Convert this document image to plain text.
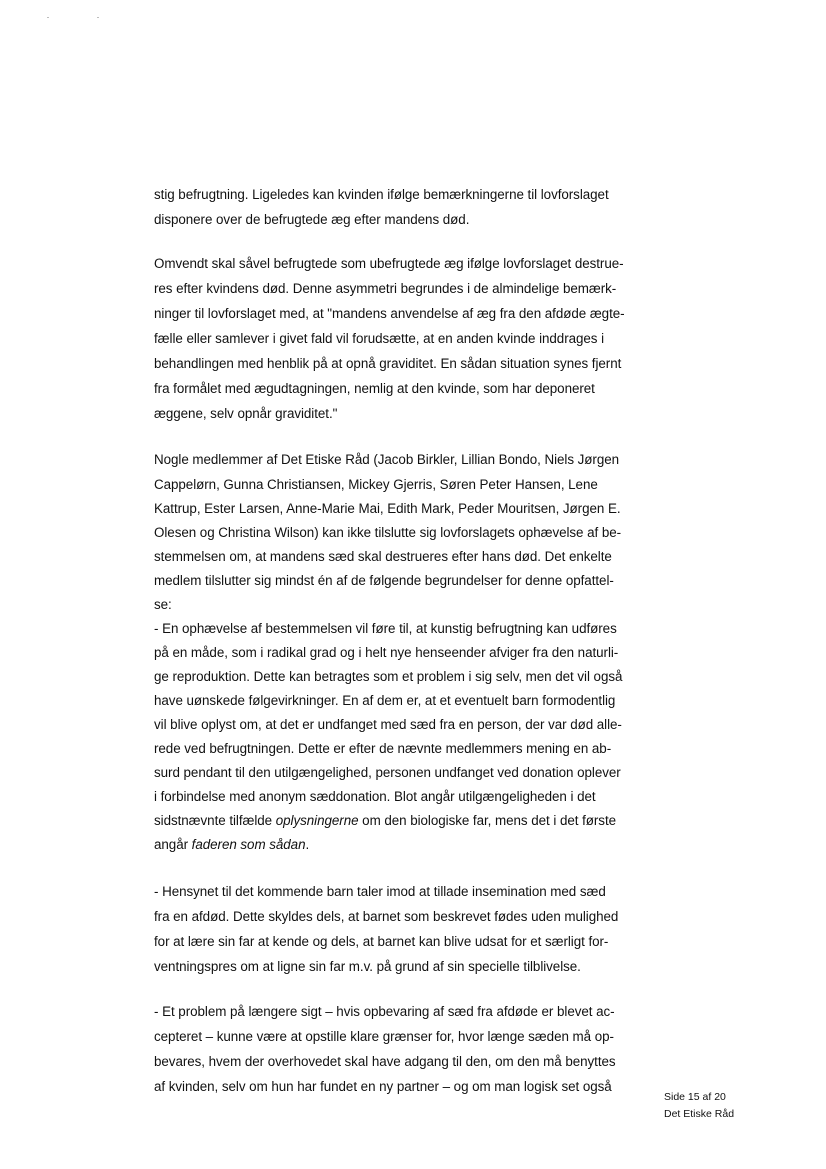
stig befrugtning. Ligeledes kan kvinden ifølge bemærkningerne til lovforslaget
disponere over de befrugtede æg efter mandens død.
Omvendt skal såvel befrugtede som ubefrugtede æg ifølge lovforslaget destrue-
res efter kvindens død. Denne asymmetri begrundes i de almindelige bemærk-
ninger til lovforslaget med, at "mandens anvendelse af æg fra den afdøde ægte-
fælle eller samlever i givet fald vil forudsætte, at en anden kvinde inddrages i
behandlingen med henblik på at opnå graviditet. En sådan situation synes fjernt
fra formålet med ægudtagningen, nemlig at den kvinde, som har deponeret
æggene, selv opnår graviditet."
Nogle medlemmer af Det Etiske Råd (Jacob Birkler, Lillian Bondo, Niels Jørgen
Cappelørn, Gunna Christiansen, Mickey Gjerris, Søren Peter Hansen, Lene
Kattrup, Ester Larsen, Anne-Marie Mai, Edith Mark, Peder Mouritsen, Jørgen E.
Olesen og Christina Wilson) kan ikke tilslutte sig lovforslagets ophævelse af be-
stemmelsen om, at mandens sæd skal destrueres efter hans død. Det enkelte
medlem tilslutter sig mindst én af de følgende begrundelser for denne opfattel-
se:
- En ophævelse af bestemmelsen vil føre til, at kunstig befrugtning kan udføres
på en måde, som i radikal grad og i helt nye henseender afviger fra den naturli-
ge reproduktion. Dette kan betragtes som et problem i sig selv, men det vil også
have uønskede følgevirkninger. En af dem er, at et eventuelt barn formodentlig
vil blive oplyst om, at det er undfanget med sæd fra en person, der var død alle-
rede ved befrugtningen. Dette er efter de nævnte medlemmers mening en ab-
surd pendant til den utilgængelighed, personen undfanget ved donation oplever
i forbindelse med anonym sæddonation. Blot angår utilgængeligheden i det
sidstnævnte tilfælde oplysningerne om den biologiske far, mens det i det første
angår faderen som sådan.
- Hensynet til det kommende barn taler imod at tillade insemination med sæd
fra en afdød. Dette skyldes dels, at barnet som beskrevet fødes uden mulighed
for at lære sin far at kende og dels, at barnet kan blive udsat for et særligt for-
ventningspres om at ligne sin far m.v. på grund af sin specielle tilblivelse.
- Et problem på længere sigt – hvis opbevaring af sæd fra afdøde er blevet ac-
cepteret – kunne være at opstille klare grænser for, hvor længe sæden må op-
bevares, hvem der overhovedet skal have adgang til den, om den må benyttes
af kvinden, selv om hun har fundet en ny partner – og om man logisk set også
Side 15 af 20
Det Etiske Råd
